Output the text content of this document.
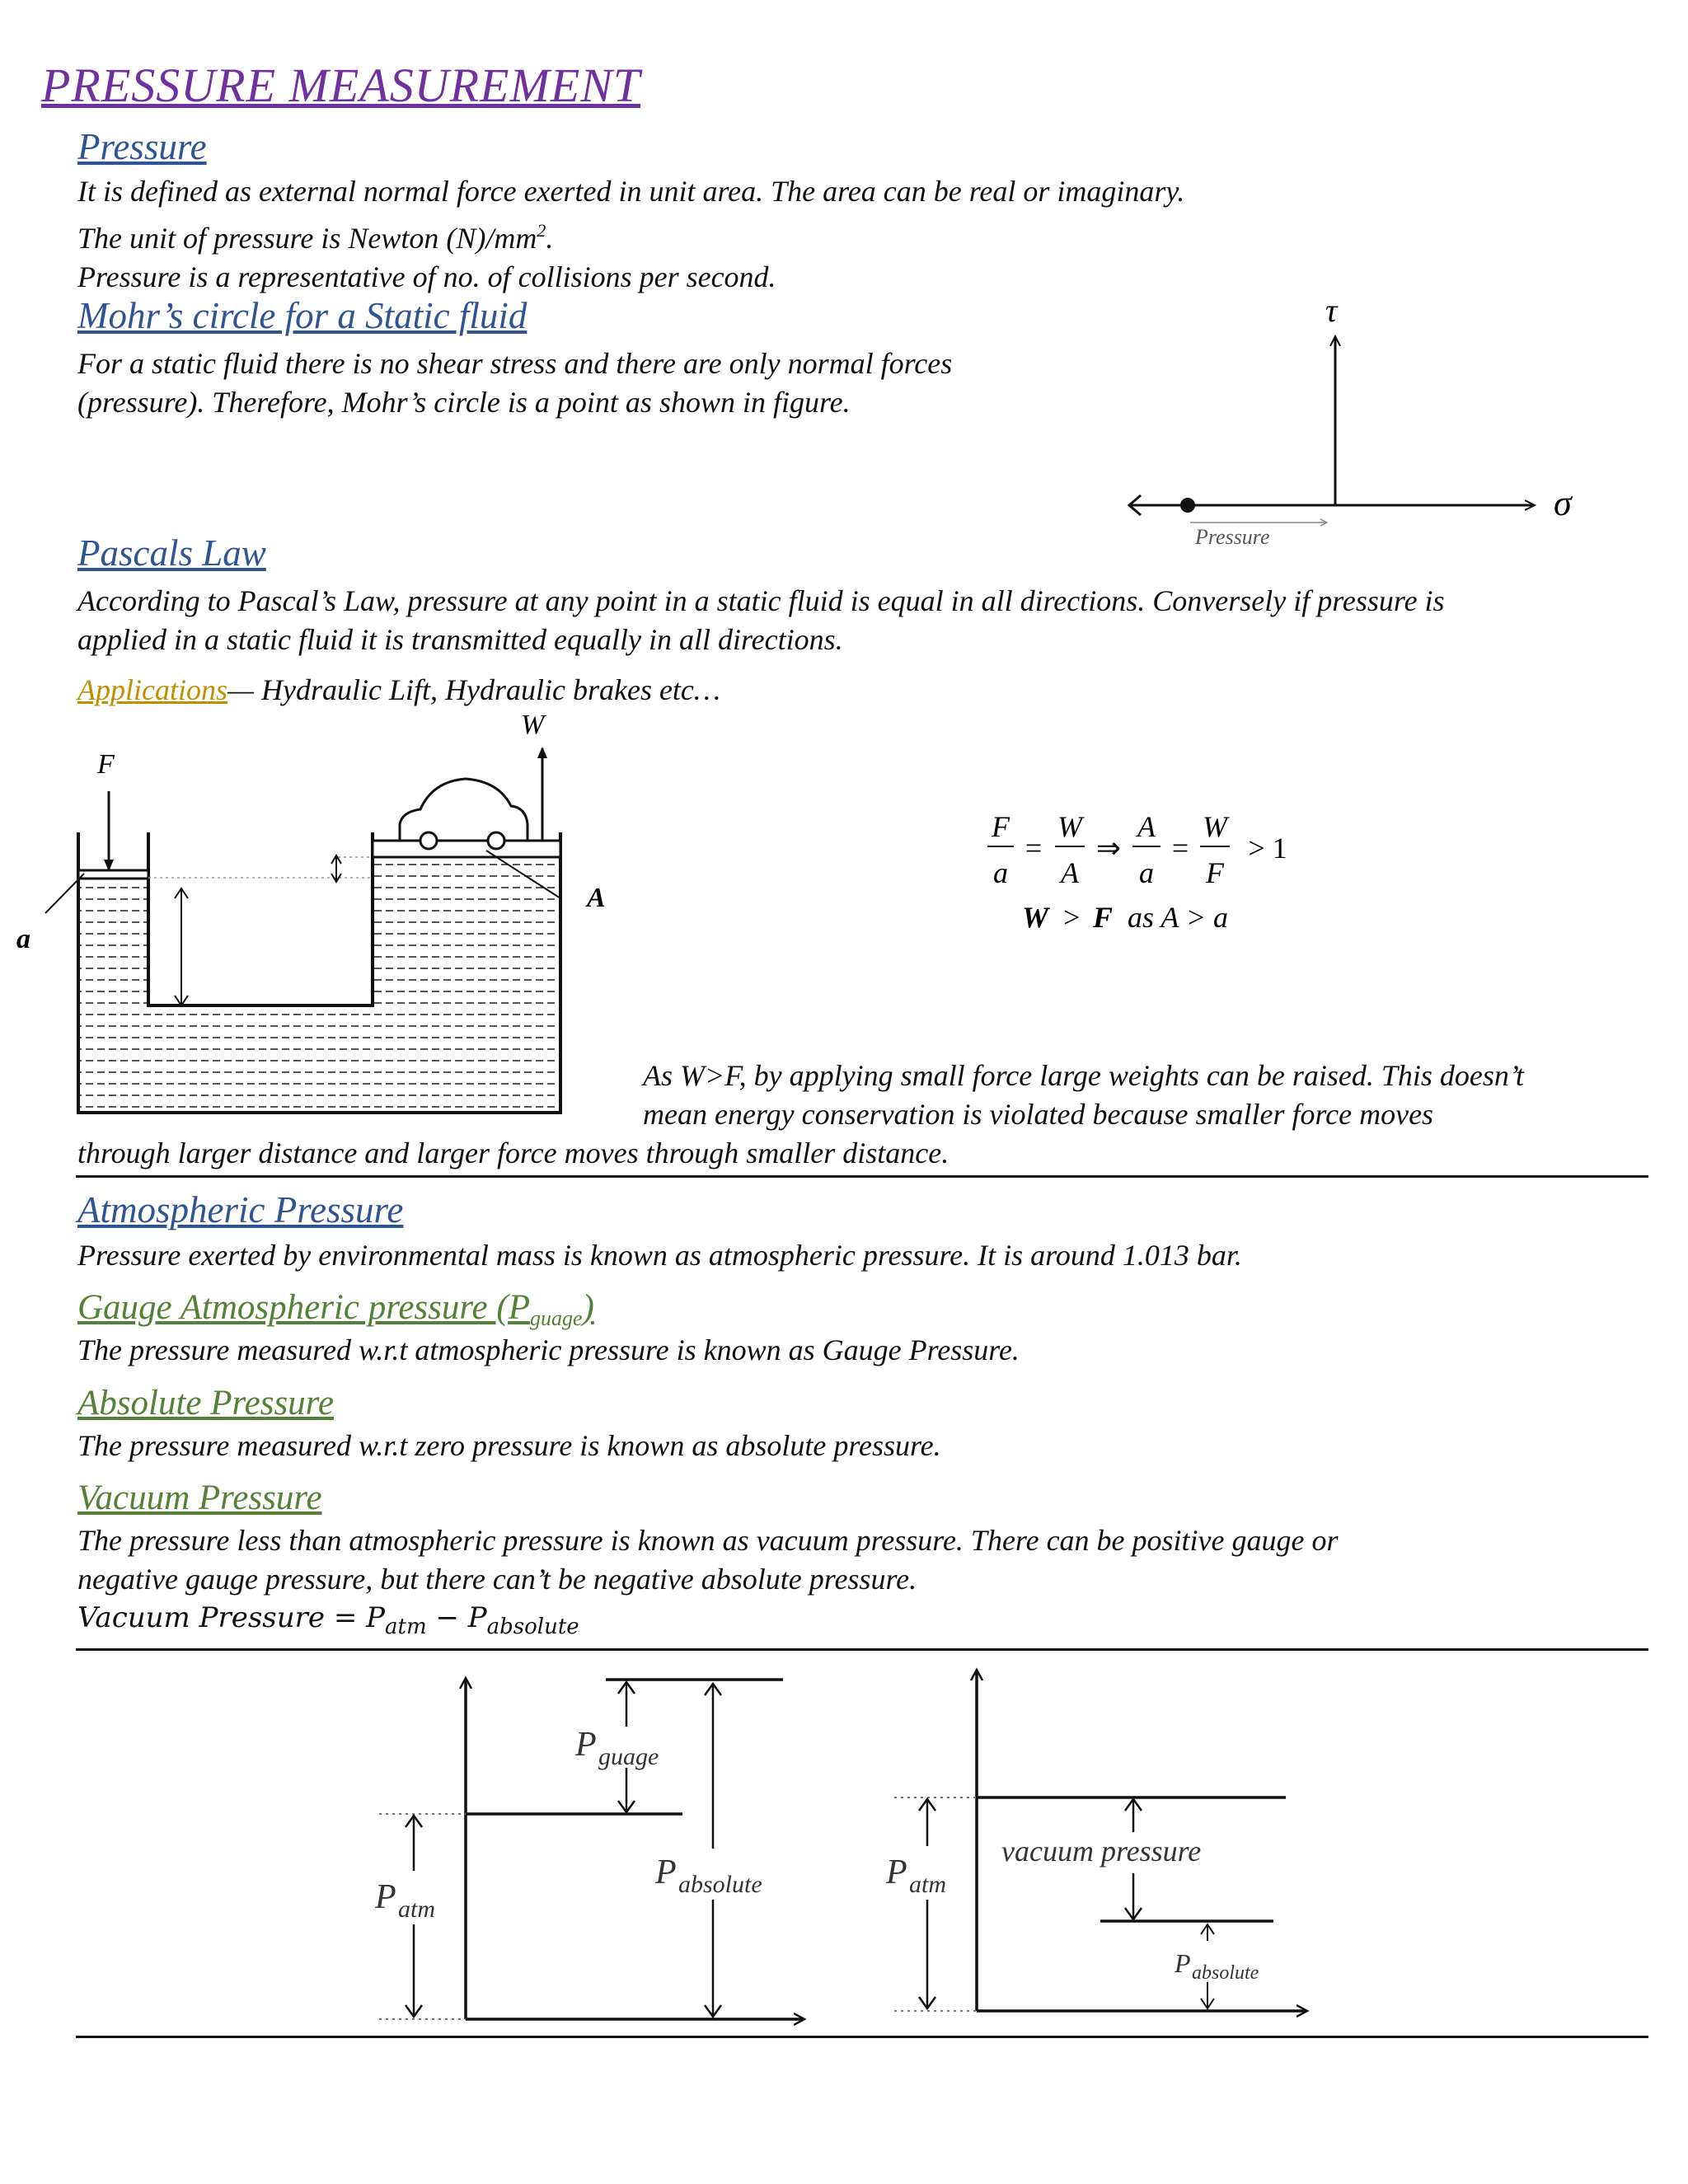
PRESSURE MEASUREMENT
Pressure
It is defined as external normal force exerted in unit area. The area can be real or imaginary.
The unit of pressure is Newton $(N)/mm^2$.
Pressure is a representative of no. of collisions per second.
Mohr’s circle for a Static fluid
For a static fluid there is no shear stress and there are only normal forces
(pressure). Therefore, Mohr’s circle is a point as shown in figure.
τ
σ
Pressure
Pascals Law
According to Pascal’s Law, pressure at any point in a static fluid is equal in all directions. Conversely if pressure is
applied in a static fluid it is transmitted equally in all directions.
Applications— Hydraulic Lift, Hydraulic brakes etc…
W
F
a
A
F
a
=
W
A
⇒
A
a
=
W
F
> 1
W > F as A > a
As W>F, by applying small force large weights can be raised. This doesn’t
mean energy conservation is violated because smaller force moves
through larger distance and larger force moves through smaller distance.
Atmospheric Pressure
Pressure exerted by environmental mass is known as atmospheric pressure. It is around 1.013 bar.
Gauge Atmospheric pressure $(P_{guage})$
The pressure measured w.r.t atmospheric pressure is known as Gauge Pressure.
Absolute Pressure
The pressure measured w.r.t zero pressure is known as absolute pressure.
Vacuum Pressure
The pressure less than atmospheric pressure is known as vacuum pressure. There can be positive gauge or
negative gauge pressure, but there can’t be negative absolute pressure.
Vacuum Pressure = $P_{atm} - P_{absolute}$
P guage
P absolute
P atm
vacuum pressure
P absolute
P atm
